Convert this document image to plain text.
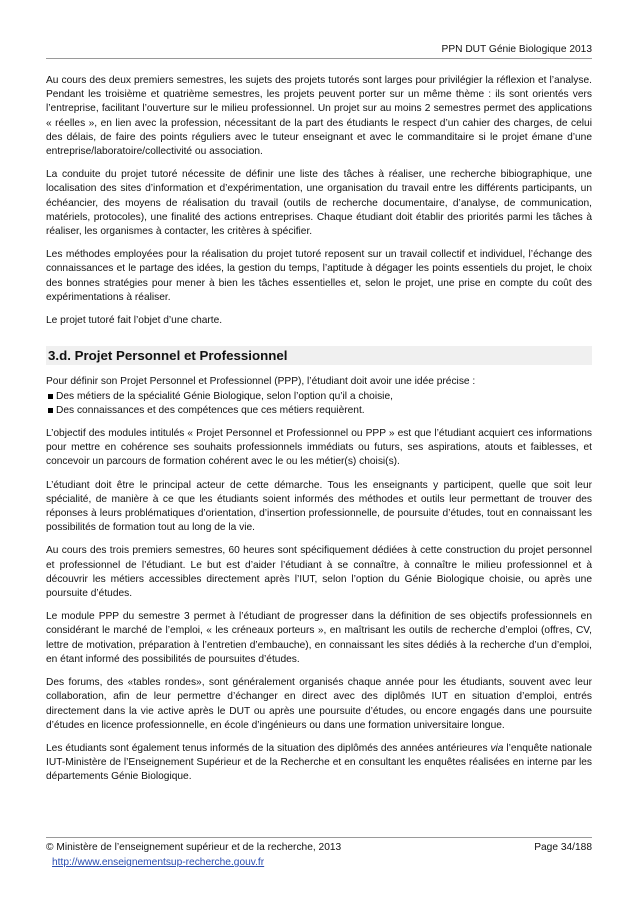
PPN DUT Génie Biologique 2013

Au cours des deux premiers semestres, les sujets des projets tutorés sont larges pour privilégier la réflexion et l’analyse. Pendant les troisième et quatrième semestres, les projets peuvent porter sur un même thème : ils sont orientés vers l’entreprise, facilitant l’ouverture sur le milieu professionnel. Un projet sur au moins 2 semestres permet des applications « réelles », en lien avec la profession, nécessitant de la part des étudiants le respect d’un cahier des charges, de celui des délais, de faire des points réguliers avec le tuteur enseignant et avec le commanditaire si le projet émane d’une entreprise/laboratoire/collectivité ou association.

La conduite du projet tutoré nécessite de définir une liste des tâches à réaliser, une recherche bibiographique, une localisation des sites d’information et d’expérimentation, une organisation du travail entre les différents participants, un échéancier, des moyens de réalisation du travail (outils de recherche documentaire, d’analyse, de communication, matériels, protocoles), une finalité des actions entreprises. Chaque étudiant doit établir des priorités parmi les tâches à réaliser, les organismes à contacter, les critères à spécifier.

Les méthodes employées pour la réalisation du projet tutoré reposent sur un travail collectif et individuel, l’échange des connaissances et le partage des idées, la gestion du temps, l’aptitude à dégager les points essentiels du projet, le choix des bonnes stratégies pour mener à bien les tâches essentielles et, selon le projet, une prise en compte du coût des expérimentations à réaliser.

Le projet tutoré fait l’objet d’une charte.

3.d. Projet Personnel et Professionnel

Pour définir son Projet Personnel et Professionnel (PPP), l’étudiant doit avoir une idée précise :

Des métiers de la spécialité Génie Biologique, selon l’option qu’il a choisie,
Des connaissances et des compétences que ces métiers requièrent.

L’objectif des modules intitulés « Projet Personnel et Professionnel ou PPP » est que l’étudiant acquiert ces informations pour mettre en cohérence ses souhaits professionnels immédiats ou futurs, ses aspirations, atouts et faiblesses, et concevoir un parcours de formation cohérent avec le ou les métier(s) choisi(s).

L’étudiant doit être le principal acteur de cette démarche. Tous les enseignants y participent, quelle que soit leur spécialité, de manière à ce que les étudiants soient informés des méthodes et outils leur permettant de trouver des réponses à leurs problématiques d’orientation, d’insertion professionnelle, de poursuite d’études, tout en connaissant les possibilités de formation tout au long de la vie.

Au cours des trois premiers semestres, 60 heures sont spécifiquement dédiées à cette construction du projet personnel et professionnel de l’étudiant. Le but est d’aider l’étudiant à se connaître, à connaître le milieu professionnel et à découvrir les métiers accessibles directement après l’IUT, selon l’option du Génie Biologique choisie, ou après une poursuite d’études.

Le module PPP du semestre 3 permet à l’étudiant de progresser dans la définition de ses objectifs professionnels en considérant le marché de l’emploi, « les créneaux porteurs », en maîtrisant les outils de recherche d’emploi (offres, CV, lettre de motivation, préparation à l’entretien d’embauche), en connaissant les sites dédiés à la recherche d’un d’emploi, en étant informé des possibilités de poursuites d’études.

Des forums, des «tables rondes», sont généralement organisés chaque année pour les étudiants, souvent avec leur collaboration, afin de leur permettre d’échanger en direct avec des diplômés IUT en situation d’emploi, entrés directement dans la vie active après le DUT ou après une poursuite d’études, ou encore engagés dans une poursuite d’études en licence professionnelle, en école d’ingénieurs ou dans une formation universitaire longue.

Les étudiants sont également tenus informés de la situation des diplômés des années antérieures via l’enquête nationale IUT-Ministère de l’Enseignement Supérieur et de la Recherche et en consultant les enquêtes réalisées en interne par les départements Génie Biologique.

© Ministère de l’enseignement supérieur et de la recherche, 2013	Page 34/188
http://www.enseignementsup-recherche.gouv.fr
